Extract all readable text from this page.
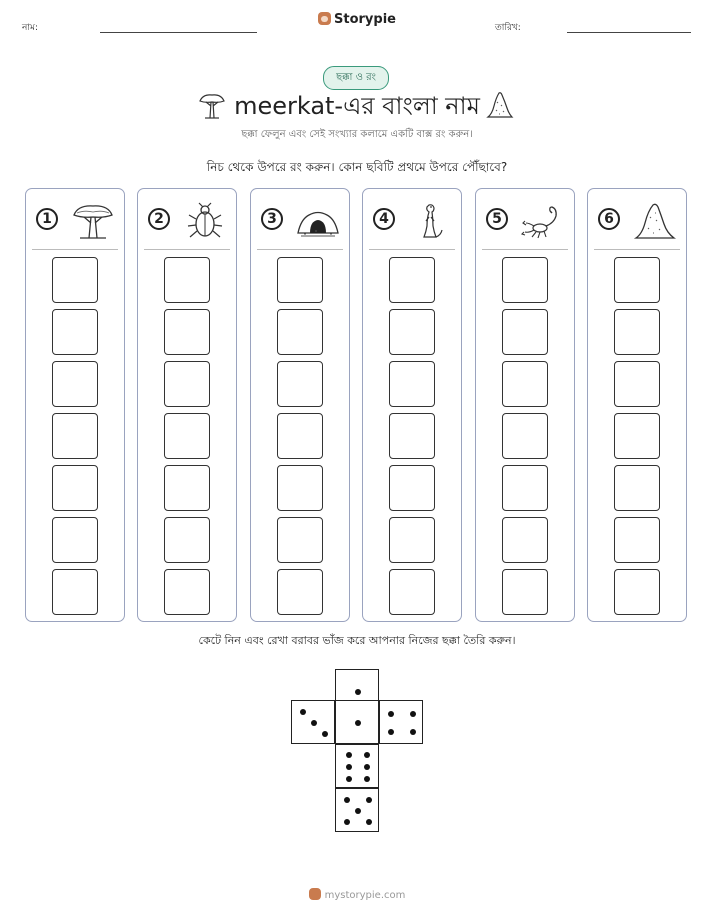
নাম:
Storypie
তারিখ:
ছক্কা ও রং
meerkat-এর বাংলা নাম
ছক্কা ফেলুন এবং সেই সংখ্যার কলামে একটি বাক্স রং করুন।
নিচ থেকে উপরে রং করুন। কোন ছবিটি প্রথমে উপরে পৌঁছাবে?
1	2	3	4	5	6
কেটে নিন এবং রেখা বরাবর ভাঁজ করে আপনার নিজের ছক্কা তৈরি করুন।
mystorypie.com
